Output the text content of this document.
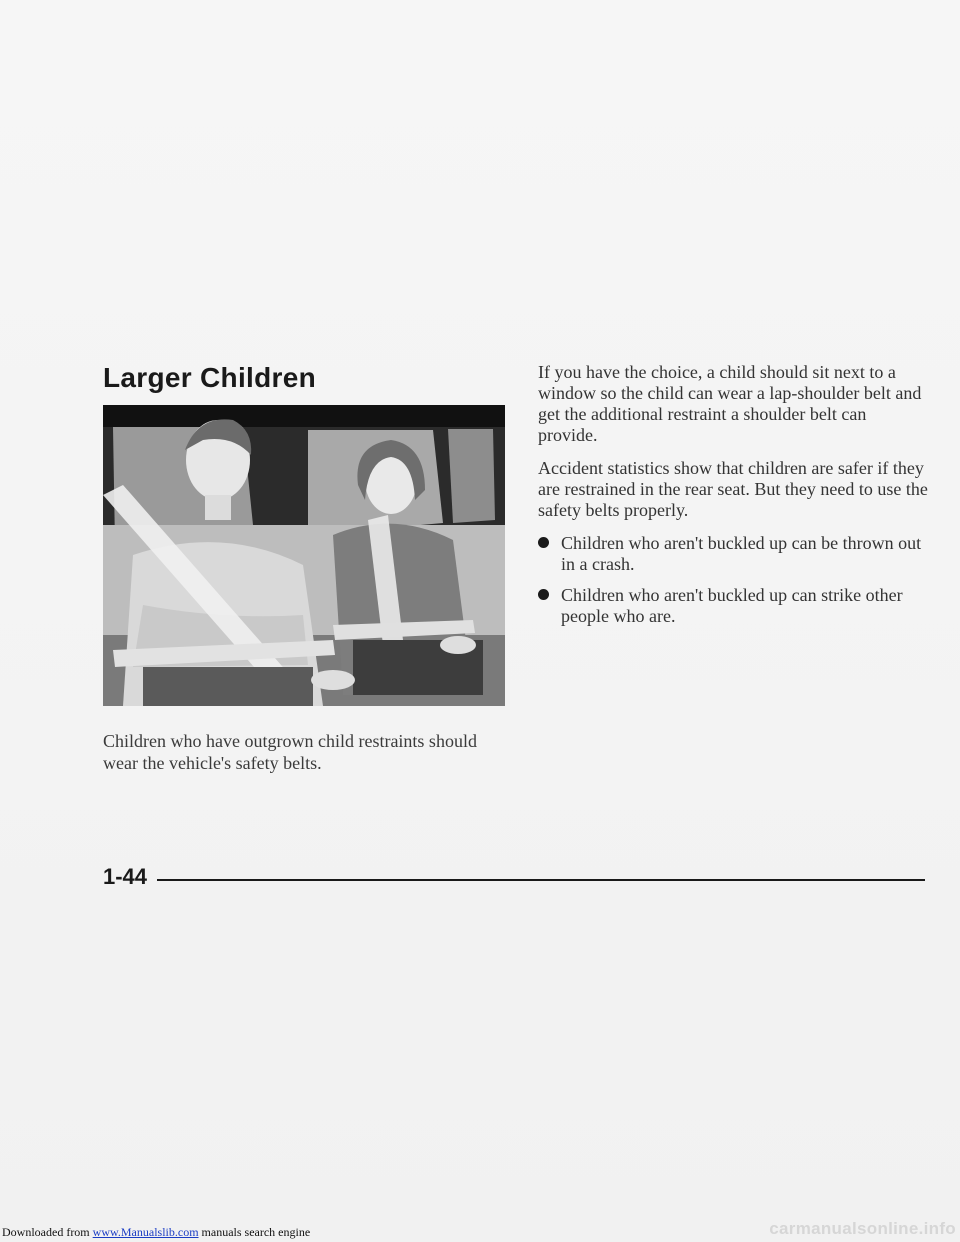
Larger Children

Children who have outgrown child restraints should wear the vehicle's safety belts.

If you have the choice, a child should sit next to a window so the child can wear a lap-shoulder belt and get the additional restraint a shoulder belt can provide.

Accident statistics show that children are safer if they are restrained in the rear seat. But they need to use the safety belts properly.

Children who aren't buckled up can be thrown out in a crash.
Children who aren't buckled up can strike other people who are.
1-44
Downloaded from www.Manualslib.com manuals search engine	carmanualsonline.info
